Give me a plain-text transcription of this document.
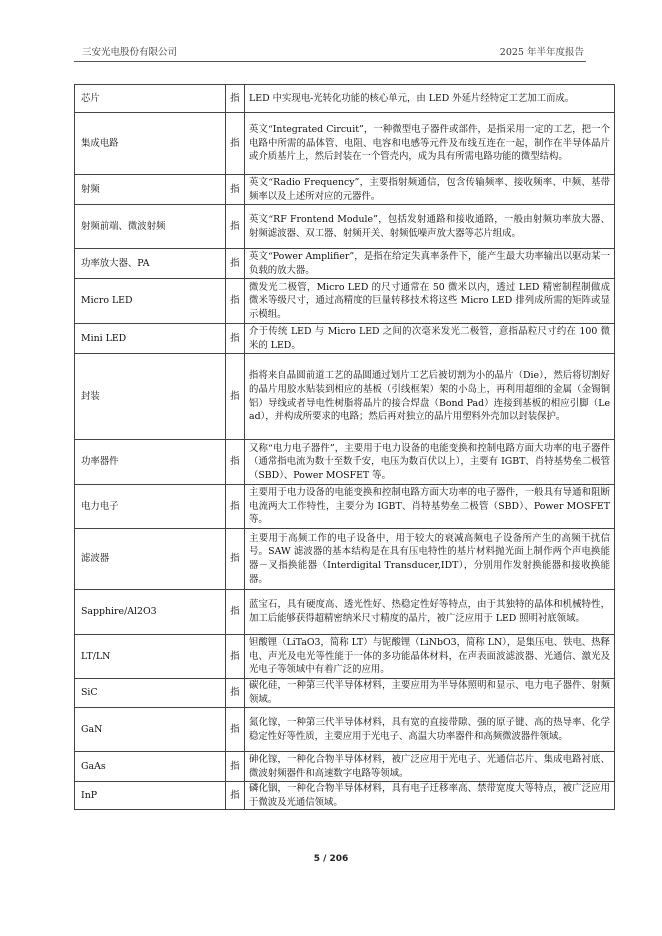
三安光电股份有限公司	2025 年半年度报告
芯片	指	LED 中实现电-光转化功能的核心单元，由 LED 外延片经特定工艺加工而成。
集成电路	指	英文“Integrated Circuit”，一种微型电子器件或部件，是指采用一定的工艺，把一个电路中所需的晶体管、电阻、电容和电感等元件及布线互连在一起，制作在半导体晶片或介质基片上，然后封装在一个管壳内，成为具有所需电路功能的微型结构。
射频	指	英文“Radio Frequency”，主要指射频通信，包含传输频率、接收频率、中频、基带频率以及上述所对应的元器件。
射频前端、微波射频	指	英文“RF Frontend Module”，包括发射通路和接收通路，一般由射频功率放大器、射频滤波器、双工器、射频开关、射频低噪声放大器等芯片组成。
功率放大器、PA	指	英文“Power Amplifier”，是指在给定失真率条件下，能产生最大功率输出以驱动某一负载的放大器。
Micro LED	指	微发光二极管，Micro LED 的尺寸通常在 50 微米以内，透过 LED 精密制程制做成微米等级尺寸，通过高精度的巨量转移技术将这些 Micro LED 排列成所需的矩阵或显示模组。
Mini LED	指	介于传统 LED 与 Micro LED 之间的次毫米发光二极管，意指晶粒尺寸约在 100 微米的 LED。
封装	指	指将来自晶圆前道工艺的晶圆通过划片工艺后被切割为小的晶片（Die），然后将切割好的晶片用胶水贴装到相应的基板（引线框架）架的小岛上，再利用超细的金属（金锡铜铝）导线或者导电性树脂将晶片的接合焊盘（Bond Pad）连接到基板的相应引脚（Lead），并构成所要求的电路；然后再对独立的晶片用塑料外壳加以封装保护。
功率器件	指	又称“电力电子器件”，主要用于电力设备的电能变换和控制电路方面大功率的电子器件（通常指电流为数十至数千安，电压为数百伏以上），主要有 IGBT、肖特基势垒二极管（SBD）、Power MOSFET 等。
电力电子	指	主要用于电力设备的电能变换和控制电路方面大功率的电子器件，一般具有导通和阻断电流两大工作特性，主要分为 IGBT、肖特基势垒二极管（SBD）、Power MOSFET 等。
滤波器	指	主要用于高频工作的电子设备中，用于较大的衰减高频电子设备所产生的高频干扰信号。SAW 滤波器的基本结构是在具有压电特性的基片材料抛光面上制作两个声电换能器－叉指换能器（Interdigital Transducer,IDT），分别用作发射换能器和接收换能器。
Sapphire/Al2O3	指	蓝宝石，具有硬度高、透光性好、热稳定性好等特点，由于其独特的晶体和机械特性，加工后能够获得超精密纳米尺寸精度的晶片，被广泛应用于 LED 照明衬底领域。
LT/LN	指	钽酸锂（LiTaO3，简称 LT）与铌酸锂（LiNbO3，简称 LN），是集压电、铁电、热释电、声光及电光等性能于一体的多功能晶体材料，在声表面波滤波器、光通信、激光及光电子等领域中有着广泛的应用。
SiC	指	碳化硅，一种第三代半导体材料，主要应用为半导体照明和显示、电力电子器件、射频领域。
GaN	指	氮化镓，一种第三代半导体材料，具有宽的直接带隙、强的原子键、高的热导率、化学稳定性好等性质，主要应用于光电子、高温大功率器件和高频微波器件领域。
GaAs	指	砷化镓，一种化合物半导体材料，被广泛应用于光电子、光通信芯片、集成电路衬底、微波射频器件和高速数字电路等领域。
InP	指	磷化铟，一种化合物半导体材料，具有电子迁移率高、禁带宽度大等特点，被广泛应用于微波及光通信领域。
5 / 206
